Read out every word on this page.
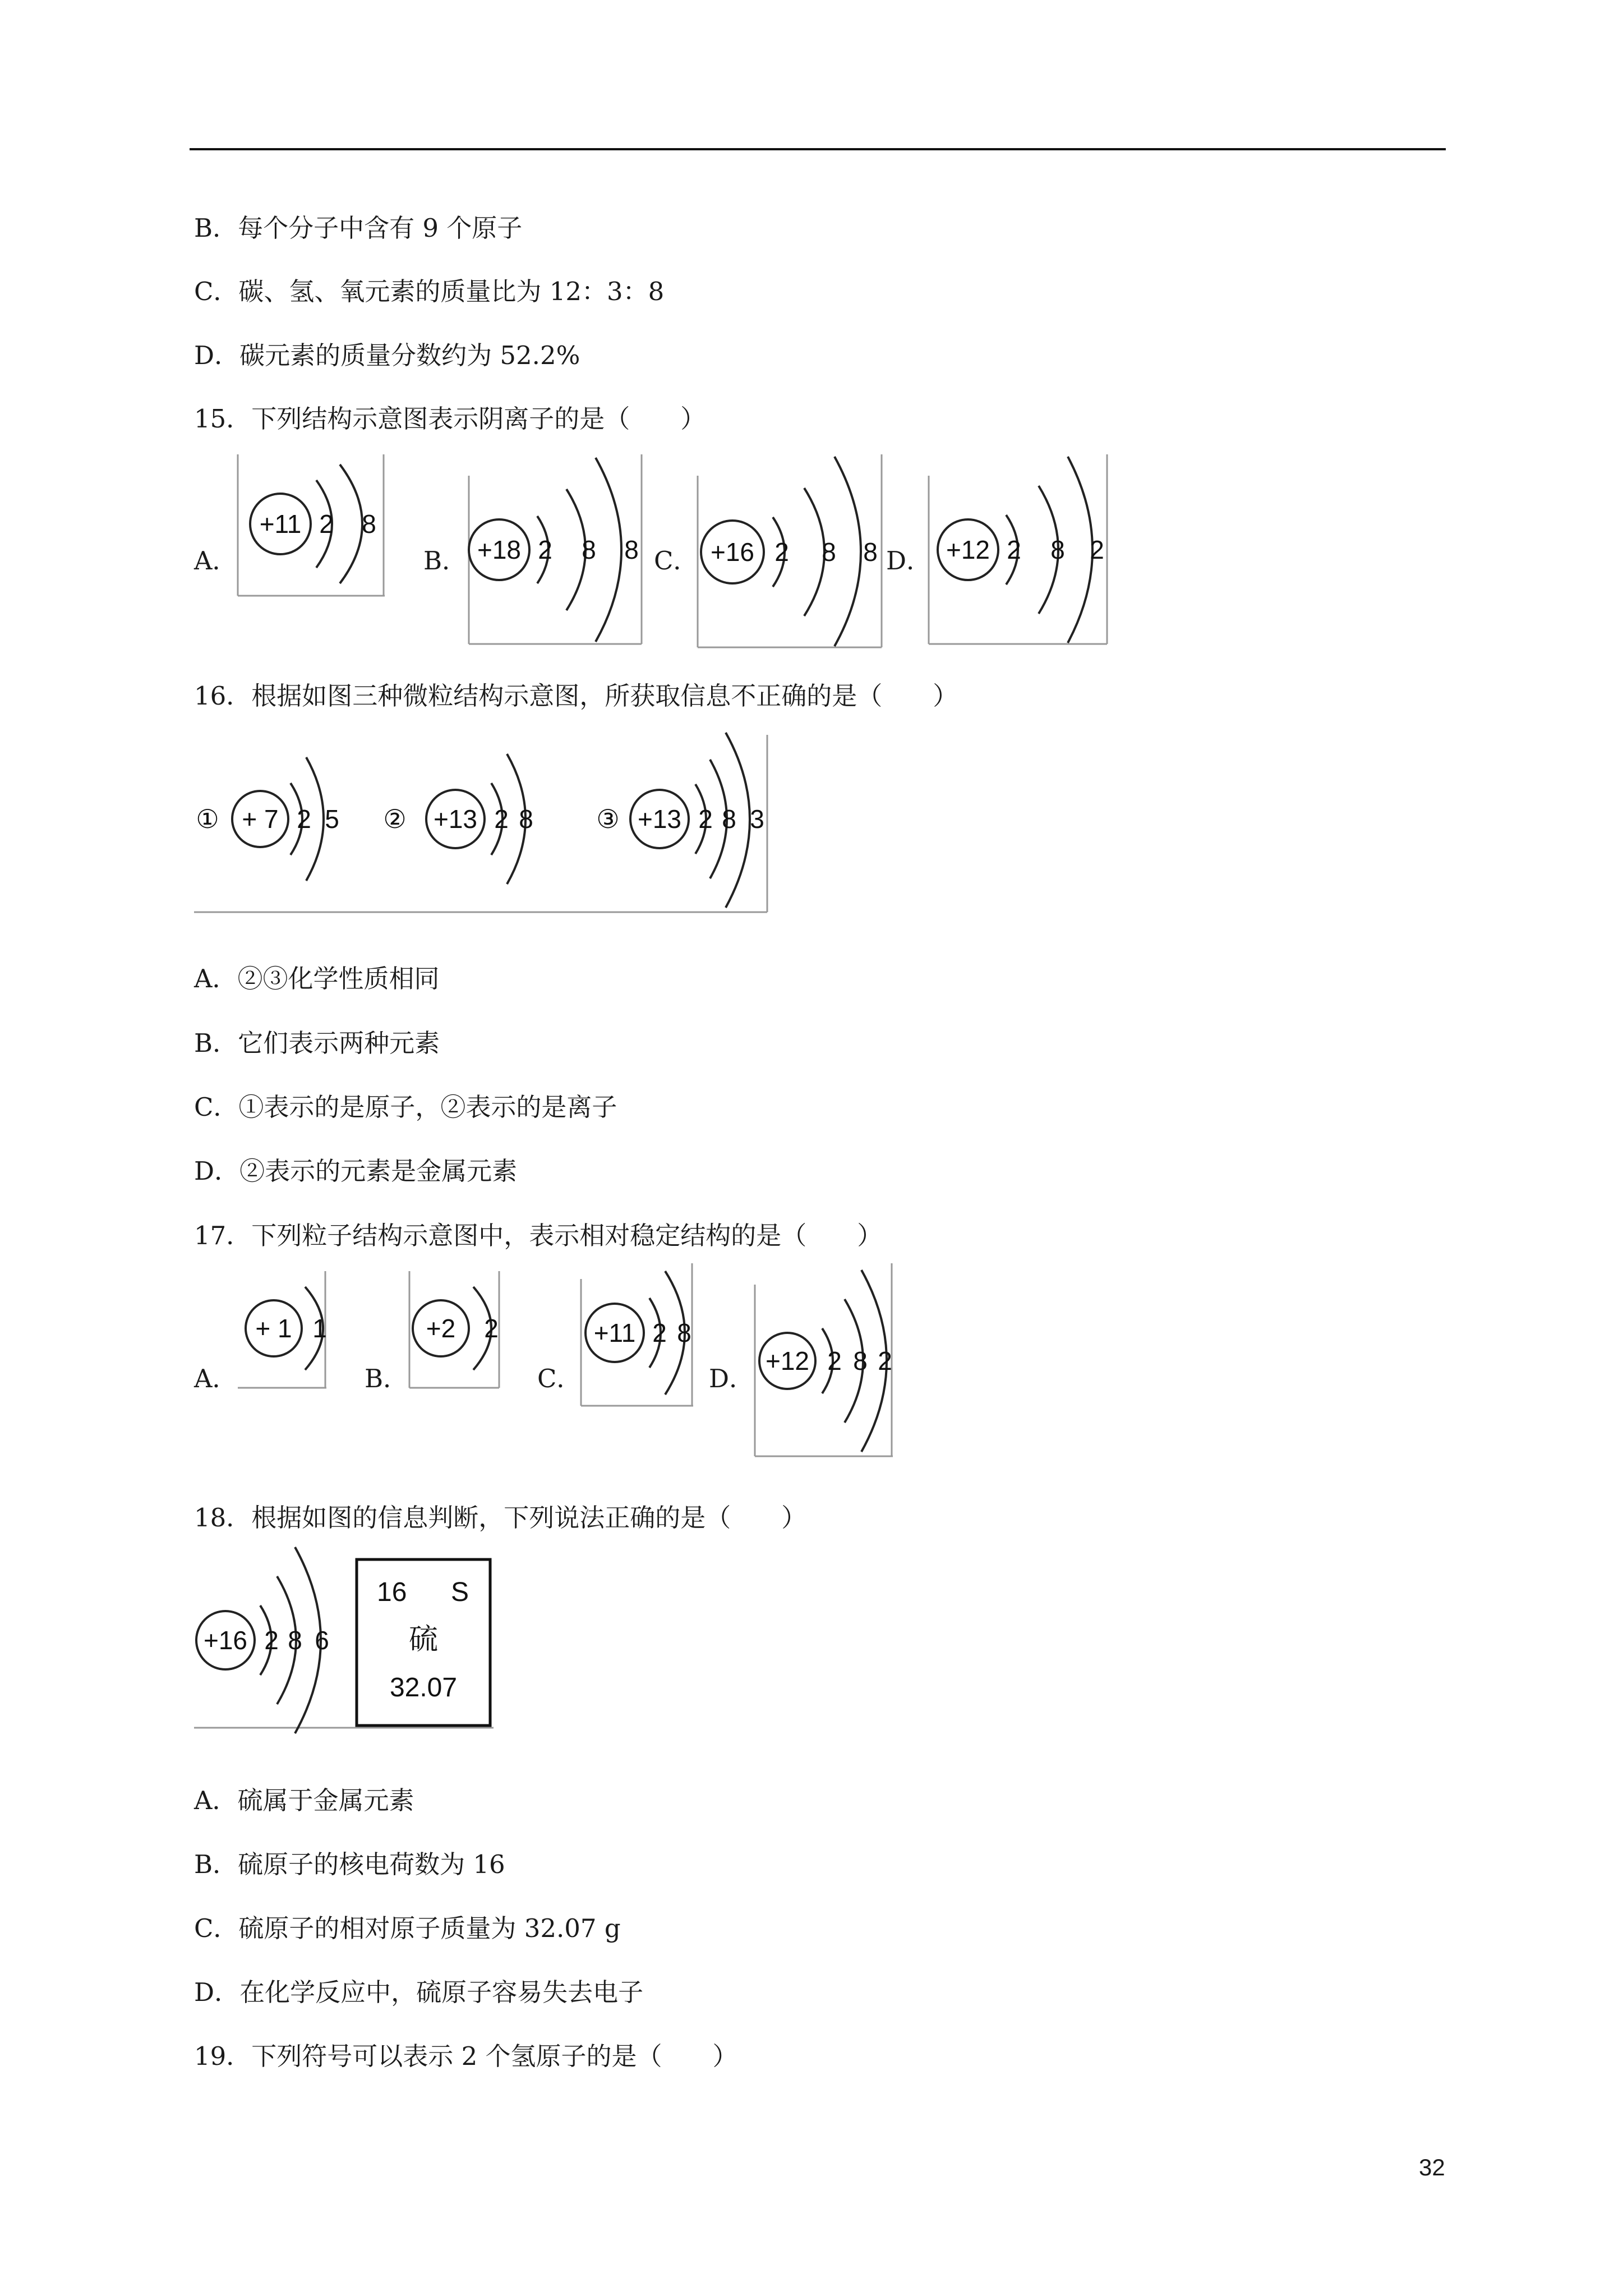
B．每个分子中含有 9 个原子
C．碳、氢、氧元素的质量比为 12：3：8
D．碳元素的质量分数约为 52.2%
15．下列结构示意图表示阴离子的是（　　）
A．
+11 2 8
B． +18 2 8 8 C． +16 2 8 8 D． +12 2 8 2
16．根据如图三种微粒结构示意图，所获取信息不正确的是（　　）
① + 7 2 5 ② +13 2 8 ③ +13 2 8 3
A．②③化学性质相同
B．它们表示两种元素
C．①表示的是原子，②表示的是离子
D．②表示的元素是金属元素
17．下列粒子结构示意图中，表示相对稳定结构的是（　　）
A．
+ 1 1
B．
+2 2
C．
+11 2 8
D．
+12 2 8 2
18．根据如图的信息判断，下列说法正确的是（　　）
+16 2 8 6
16 S
硫
32.07
A．硫属于金属元素
B．硫原子的核电荷数为 16
C．硫原子的相对原子质量为 32.07 g
D．在化学反应中，硫原子容易失去电子
19．下列符号可以表示 2 个氢原子的是（　　）
32
